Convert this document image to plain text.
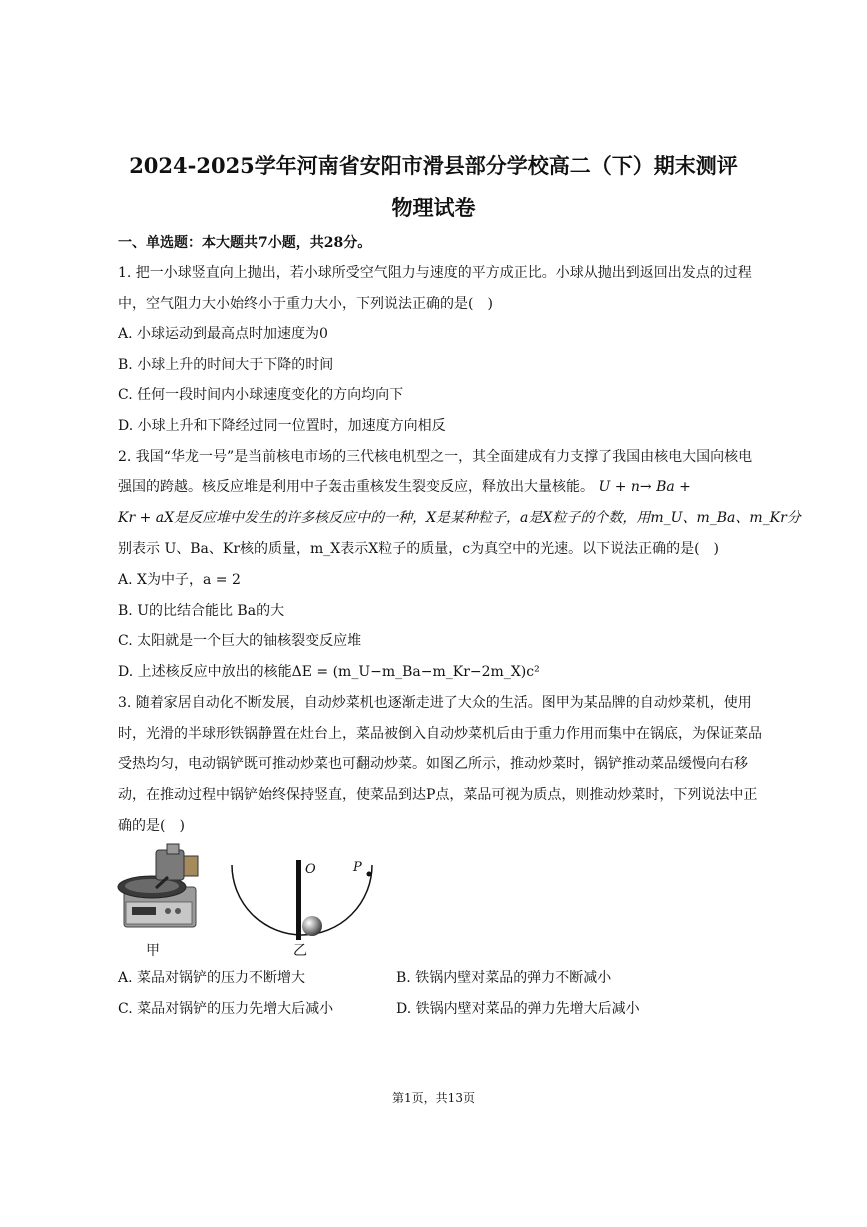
2024-2025学年河南省安阳市滑县部分学校高二（下）期末测评
物理试卷
一、单选题：本大题共7小题，共28分。
1. 把一小球竖直向上抛出，若小球所受空气阻力与速度的平方成正比。小球从抛出到返回出发点的过程
中，空气阻力大小始终小于重力大小，下列说法正确的是(　)
A. 小球运动到最高点时加速度为0
B. 小球上升的时间大于下降的时间
C. 任何一段时间内小球速度变化的方向均向下
D. 小球上升和下降经过同一位置时，加速度方向相反
2. 我国“华龙一号”是当前核电市场的三代核电机型之一，其全面建成有力支撑了我国由核电大国向核电
强国的跨越。核反应堆是利用中子轰击重核发生裂变反应，释放出大量核能。 U + n→ Ba +
Kr + aX是反应堆中发生的许多核反应中的一种，X是某种粒子，a是X粒子的个数，用m_U、m_Ba、m_Kr分
别表示 U、Ba、Kr核的质量，m_X表示X粒子的质量，c为真空中的光速。以下说法正确的是(　)
A. X为中子，a = 2
B. U的比结合能比 Ba的大
C. 太阳就是一个巨大的铀核裂变反应堆
D. 上述核反应中放出的核能ΔE = (m_U−m_Ba−m_Kr−2m_X)c²
3. 随着家居自动化不断发展，自动炒菜机也逐渐走进了大众的生活。图甲为某品牌的自动炒菜机，使用
时，光滑的半球形铁锅静置在灶台上，菜品被倒入自动炒菜机后由于重力作用而集中在锅底，为保证菜品
受热均匀，电动锅铲既可推动炒菜也可翻动炒菜。如图乙所示，推动炒菜时，锅铲推动菜品缓慢向右移
动，在推动过程中锅铲始终保持竖直，使菜品到达P点，菜品可视为质点，则推动炒菜时，下列说法中正
确的是(　)
甲
O	P
乙
A. 菜品对锅铲的压力不断增大	B. 铁锅内壁对菜品的弹力不断减小
C. 菜品对锅铲的压力先增大后减小	D. 铁锅内壁对菜品的弹力先增大后减小
第1页，共13页
